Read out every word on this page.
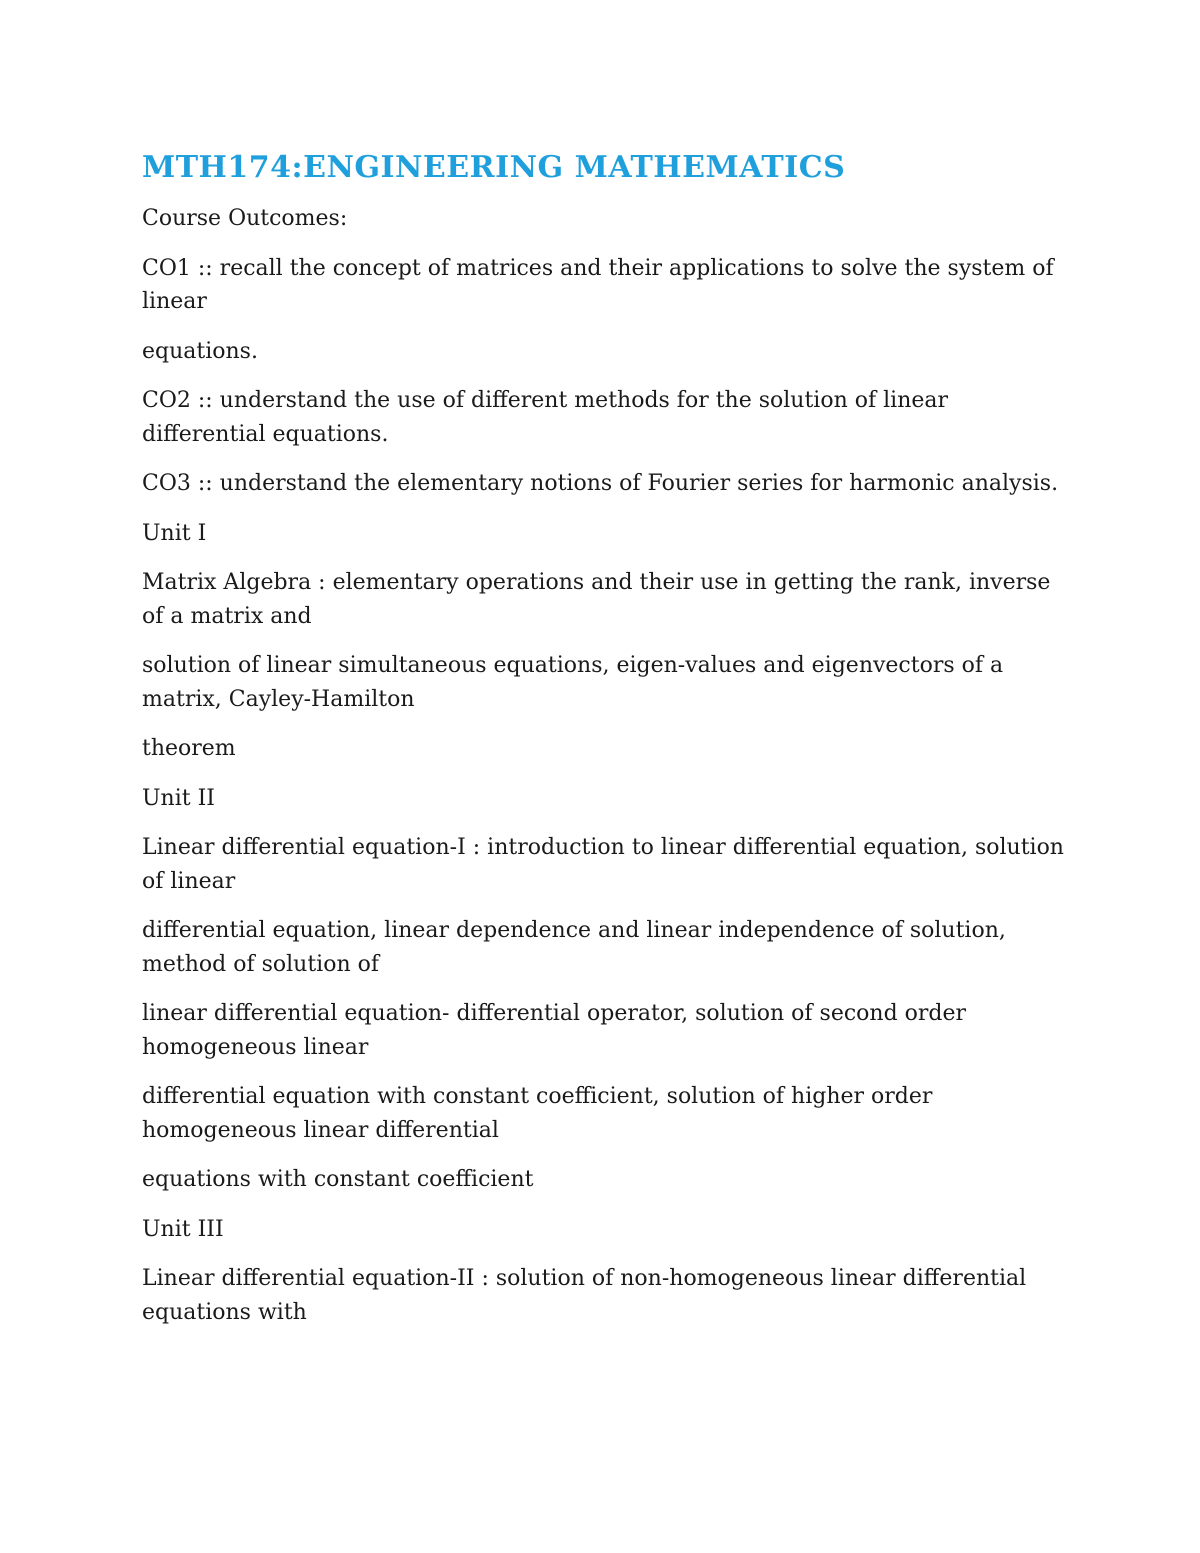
MTH174:ENGINEERING MATHEMATICS

Course Outcomes:

CO1 :: recall the concept of matrices and their applications to solve the system of linear

equations.

CO2 :: understand the use of different methods for the solution of linear differential equations.

CO3 :: understand the elementary notions of Fourier series for harmonic analysis.

Unit I

Matrix Algebra : elementary operations and their use in getting the rank, inverse of a matrix and

solution of linear simultaneous equations, eigen-values and eigenvectors of a matrix, Cayley-Hamilton

theorem

Unit II

Linear differential equation-I : introduction to linear differential equation, solution of linear

differential equation, linear dependence and linear independence of solution, method of solution of

linear differential equation- differential operator, solution of second order homogeneous linear

differential equation with constant coefficient, solution of higher order homogeneous linear differential

equations with constant coefficient

Unit III

Linear differential equation-II : solution of non-homogeneous linear differential equations with
